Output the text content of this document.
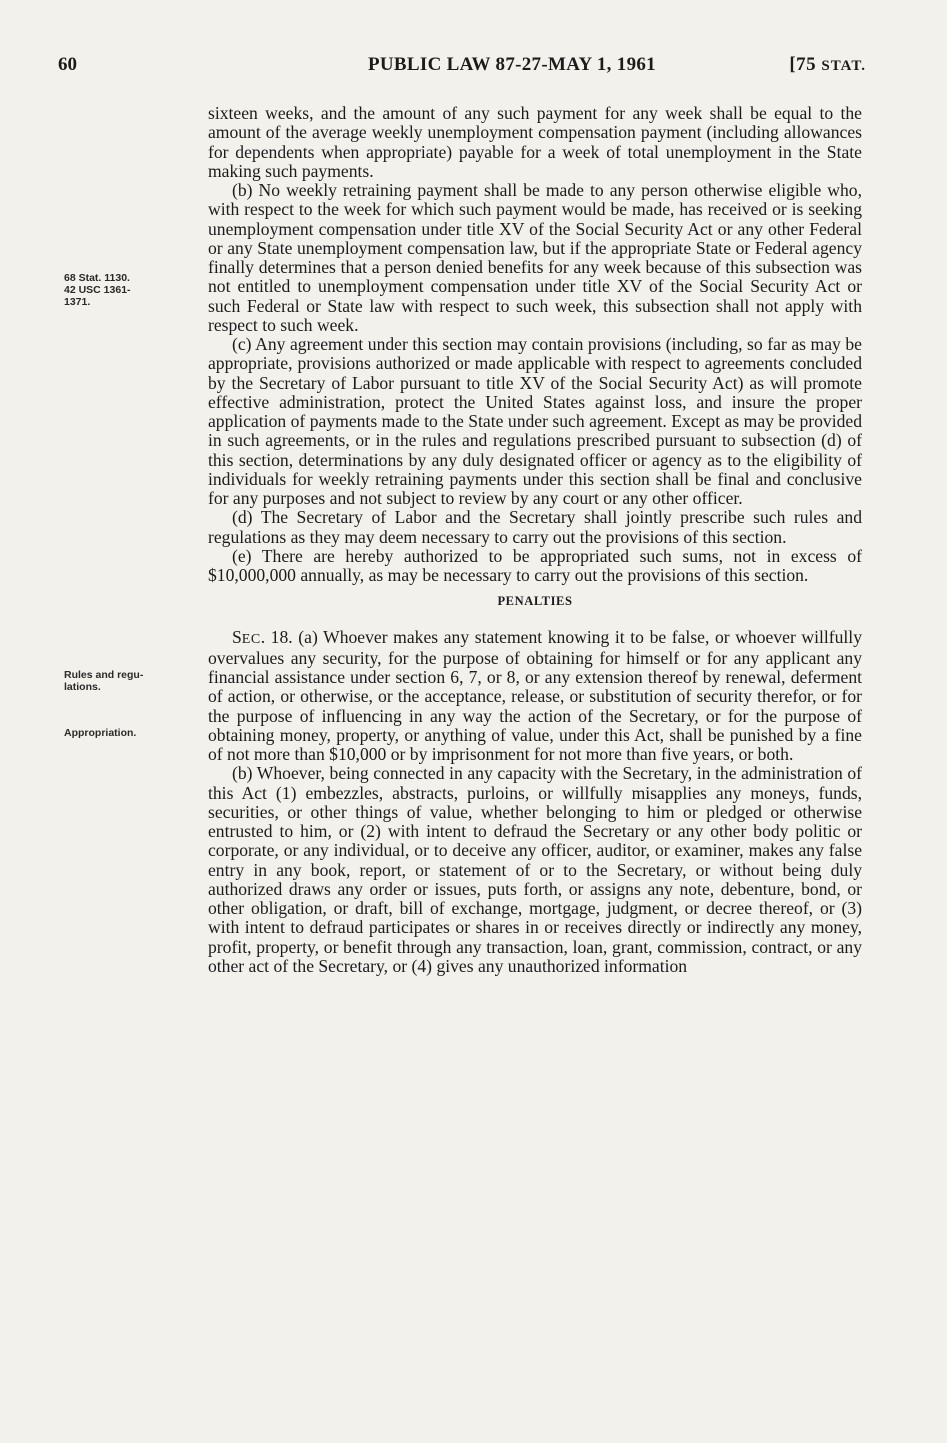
60	PUBLIC LAW 87-27-MAY 1, 1961	[75 STAT.
68 Stat. 1130.
42 USC 1361-
1371.
Rules and regu-
lations.
Appropriation.

sixteen weeks, and the amount of any such payment for any week shall be equal to the amount of the average weekly unemployment compensation payment (including allowances for dependents when appropriate) payable for a week of total unemployment in the State making such payments.

(b) No weekly retraining payment shall be made to any person otherwise eligible who, with respect to the week for which such payment would be made, has received or is seeking unemployment compensation under title XV of the Social Security Act or any other Federal or any State unemployment compensation law, but if the appropriate State or Federal agency finally determines that a person denied benefits for any week because of this subsection was not entitled to unemployment compensation under title XV of the Social Security Act or such Federal or State law with respect to such week, this subsection shall not apply with respect to such week.

(c) Any agreement under this section may contain provisions (including, so far as may be appropriate, provisions authorized or made applicable with respect to agreements concluded by the Secretary of Labor pursuant to title XV of the Social Security Act) as will promote effective administration, protect the United States against loss, and insure the proper application of payments made to the State under such agreement. Except as may be provided in such agreements, or in the rules and regulations prescribed pursuant to subsection (d) of this section, determinations by any duly designated officer or agency as to the eligibility of individuals for weekly retraining payments under this section shall be final and conclusive for any purposes and not subject to review by any court or any other officer.

(d) The Secretary of Labor and the Secretary shall jointly prescribe such rules and regulations as they may deem necessary to carry out the provisions of this section.

(e) There are hereby authorized to be appropriated such sums, not in excess of $10,000,000 annually, as may be necessary to carry out the provisions of this section.

PENALTIES

SEC. 18. (a) Whoever makes any statement knowing it to be false, or whoever willfully overvalues any security, for the purpose of obtaining for himself or for any applicant any financial assistance under section 6, 7, or 8, or any extension thereof by renewal, deferment of action, or otherwise, or the acceptance, release, or substitution of security therefor, or for the purpose of influencing in any way the action of the Secretary, or for the purpose of obtaining money, property, or anything of value, under this Act, shall be punished by a fine of not more than $10,000 or by imprisonment for not more than five years, or both.

(b) Whoever, being connected in any capacity with the Secretary, in the administration of this Act (1) embezzles, abstracts, purloins, or willfully misapplies any moneys, funds, securities, or other things of value, whether belonging to him or pledged or otherwise entrusted to him, or (2) with intent to defraud the Secretary or any other body politic or corporate, or any individual, or to deceive any officer, auditor, or examiner, makes any false entry in any book, report, or statement of or to the Secretary, or without being duly authorized draws any order or issues, puts forth, or assigns any note, debenture, bond, or other obligation, or draft, bill of exchange, mortgage, judgment, or decree thereof, or (3) with intent to defraud participates or shares in or receives directly or indirectly any money, profit, property, or benefit through any transaction, loan, grant, commission, contract, or any other act of the Secretary, or (4) gives any unauthorized information
